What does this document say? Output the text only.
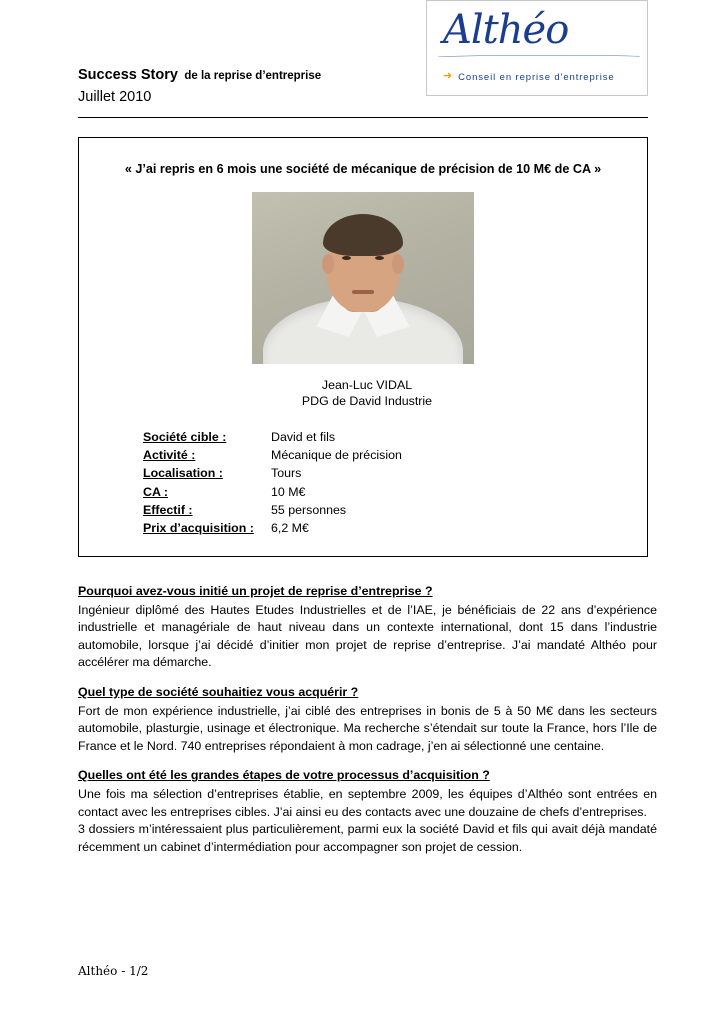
Success Story de la reprise d’entreprise
Juillet 2010
Althéo
➜ Conseil en reprise d'entreprise
« J’ai repris en 6 mois une société de mécanique de précision de 10 M€ de CA »
Jean-Luc VIDAL
PDG de David Industrie
Société cible :	David et fils
Activité :	Mécanique de précision
Localisation :	Tours
CA :	10 M€
Effectif :	55 personnes
Prix d’acquisition :	6,2 M€
Pourquoi avez-vous initié un projet de reprise d’entreprise ?

Ingénieur diplômé des Hautes Etudes Industrielles et de l’IAE, je bénéficiais de 22 ans d’expérience industrielle et managériale de haut niveau dans un contexte international, dont 15 dans l’industrie automobile, lorsque j’ai décidé d’initier mon projet de reprise d’entreprise. J’ai mandaté Althéo pour accélérer ma démarche.

Quel type de société souhaitiez vous acquérir ?

Fort de mon expérience industrielle, j’ai ciblé des entreprises in bonis de 5 à 50 M€ dans les secteurs automobile, plasturgie, usinage et électronique. Ma recherche s’étendait sur toute la France, hors l’Ile de France et le Nord. 740 entreprises répondaient à mon cadrage, j’en ai sélectionné une centaine.

Quelles ont été les grandes étapes de votre processus d’acquisition ?

Une fois ma sélection d’entreprises établie, en septembre 2009, les équipes d’Althéo sont entrées en contact avec les entreprises cibles. J’ai ainsi eu des contacts avec une douzaine de chefs d’entreprises.

3 dossiers m’intéressaient plus particulièrement, parmi eux la société David et fils qui avait déjà mandaté récemment un cabinet d’intermédiation pour accompagner son projet de cession.

Althéo - 1/2
